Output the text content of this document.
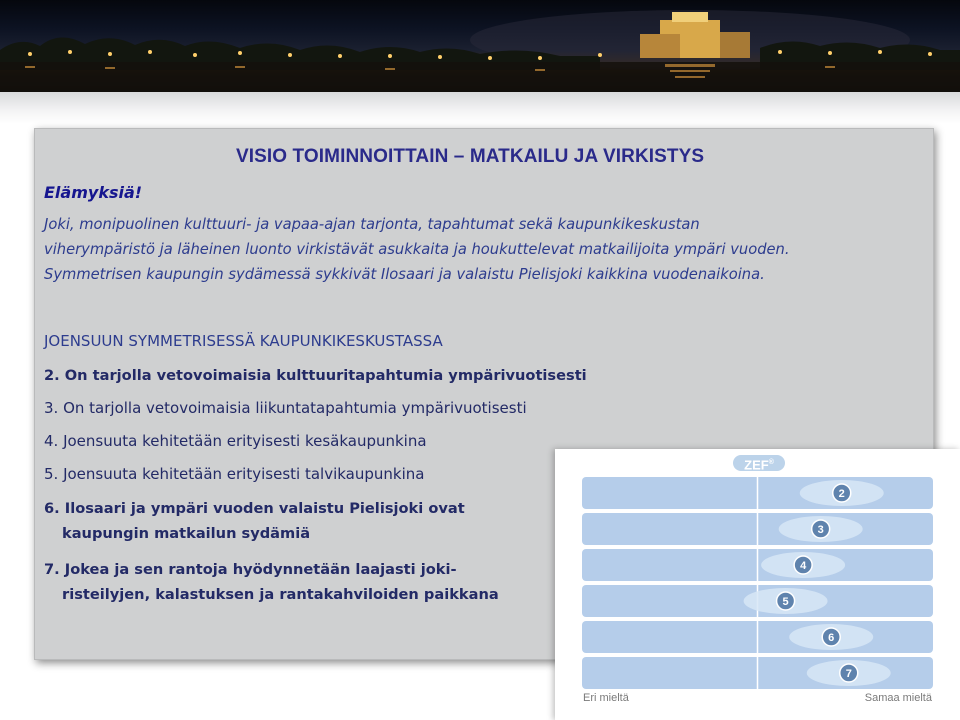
VISIO TOIMINNOITTAIN – MATKAILU JA VIRKISTYS
Elämyksiä!

Joki, monipuolinen kulttuuri- ja vapaa-ajan tarjonta, tapahtumat sekä kaupunkikeskustan

viherympäristö ja läheinen luonto virkistävät asukkaita ja houkuttelevat matkailijoita ympäri vuoden.

Symmetrisen kaupungin sydämessä sykkivät Ilosaari ja valaistu Pielisjoki kaikkina vuodenaikoina.

JOENSUUN SYMMETRISESSÄ KAUPUNKIKESKUSTASSA
2. On tarjolla vetovoimaisia kulttuuritapahtumia ympärivuotisesti
3. On tarjolla vetovoimaisia liikuntatapahtumia ympärivuotisesti
4. Joensuuta kehitetään erityisesti kesäkaupunkina
5. Joensuuta kehitetään erityisesti talvikaupunkina
6. Ilosaari ja ympäri vuoden valaistu Pielisjoki ovat
kaupungin matkailun sydämiä
7. Jokea ja sen rantoja hyödynnetään laajasti joki-
risteilyjen, kalastuksen ja rantakahviloiden paikkana
ZEF®
2
3
4
5
6
7
Eri mieltä	Samaa mieltä
